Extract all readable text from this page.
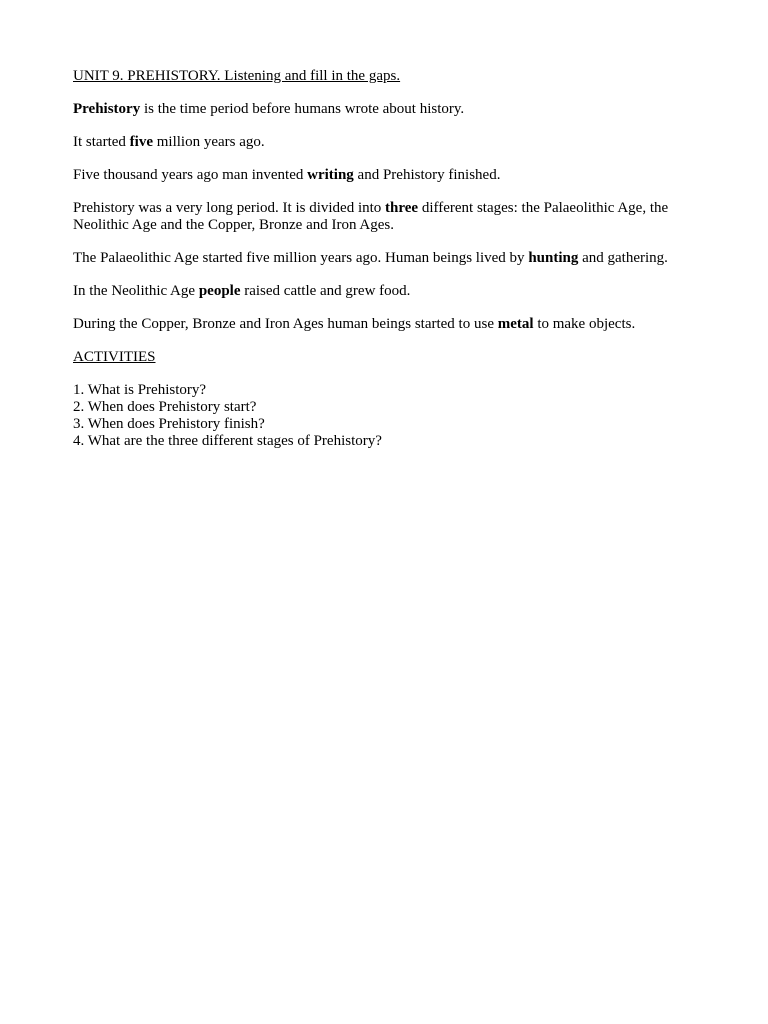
UNIT 9. PREHISTORY. Listening and fill in the gaps.

Prehistory is the time period before humans wrote about history.

It started five million years ago.

Five thousand years ago man invented writing and Prehistory finished.

Prehistory was a very long period. It is divided into three different stages: the Palaeolithic Age, the Neolithic Age and the Copper, Bronze and Iron Ages.

The Palaeolithic Age started five million years ago. Human beings lived by hunting and gathering.

In the Neolithic Age people raised cattle and grew food.

During the Copper, Bronze and Iron Ages human beings started to use metal to make objects.

ACTIVITIES

1. What is Prehistory?
2. When does Prehistory start?
3. When does Prehistory finish?
4. What are the three different stages of Prehistory?
